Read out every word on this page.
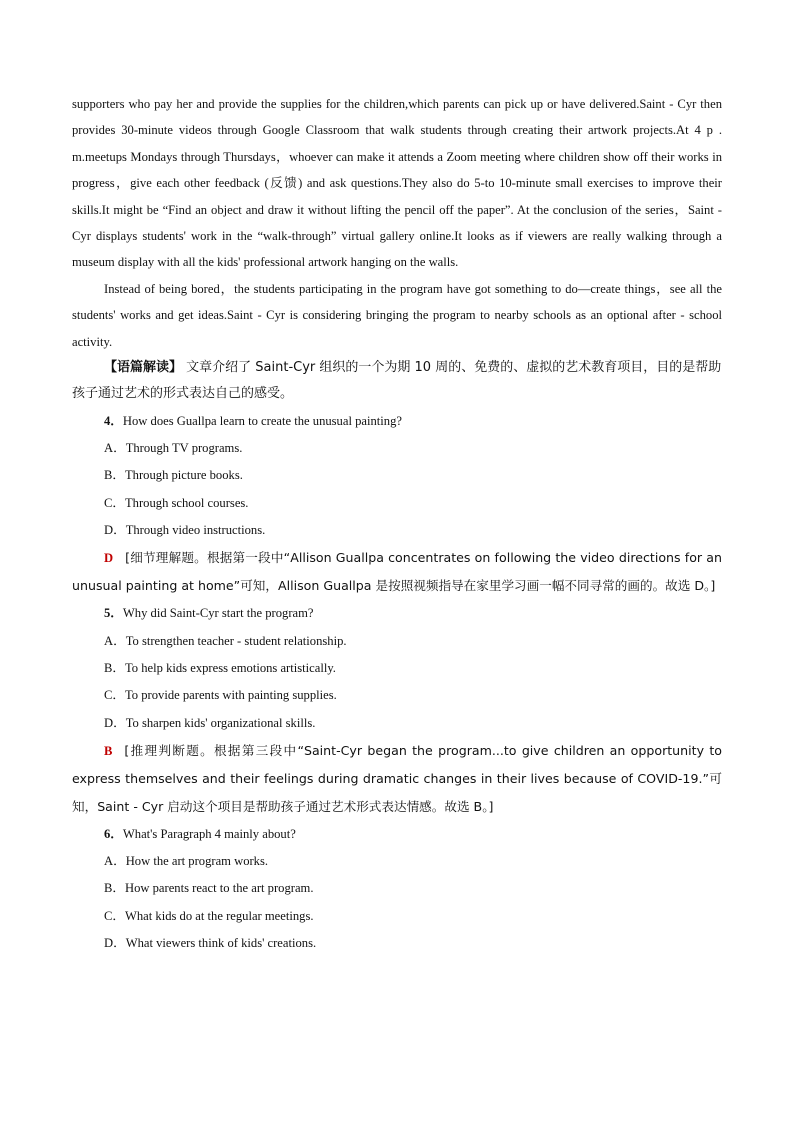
supporters who pay her and provide the supplies for the children,which parents can pick up or have delivered.Saint - Cyr then provides 30-minute videos through Google Classroom that walk students through creating their artwork projects.At 4 p . m.meetups Mondays through Thursdays，whoever can make it attends a Zoom meeting where children show off their works in progress，give each other feedback (反馈) and ask questions.They also do 5-to 10-minute small exercises to improve their skills.It might be “Find an object and draw it without lifting the pencil off the paper”. At the conclusion of the series，Saint - Cyr displays students' work in the “walk-through” virtual gallery online.It looks as if viewers are really walking through a museum display with all the kids' professional artwork hanging on the walls.

Instead of being bored，the students participating in the program have got something to do—create things，see all the students' works and get ideas.Saint - Cyr is considering bringing the program to nearby schools as an optional after - school activity.

【语篇解读】 文章介绍了 Saint-Cyr 组织的一个为期 10 周的、免费的、虚拟的艺术教育项目，目的是帮助孩子通过艺术的形式表达自己的感受。

4．How does Guallpa learn to create the unusual painting?

A．Through TV programs.

B．Through picture books.

C．Through school courses.

D．Through video instructions.

D [细节理解题。根据第一段中“Allison Guallpa concentrates on following the video directions for an unusual painting at home”可知，Allison Guallpa 是按照视频指导在家里学习画一幅不同寻常的画的。故选 D。]

5．Why did Saint-Cyr start the program?

A．To strengthen teacher - student relationship.

B．To help kids express emotions artistically.

C．To provide parents with painting supplies.

D．To sharpen kids' organizational skills.

B [推理判断题。根据第三段中“Saint-Cyr began the program...to give children an opportunity to express themselves and their feelings during dramatic changes in their lives because of COVID-19.”可知，Saint - Cyr 启动这个项目是帮助孩子通过艺术形式表达情感。故选 B。]

6．What's Paragraph 4 mainly about?

A．How the art program works.

B．How parents react to the art program.

C．What kids do at the regular meetings.

D．What viewers think of kids' creations.
